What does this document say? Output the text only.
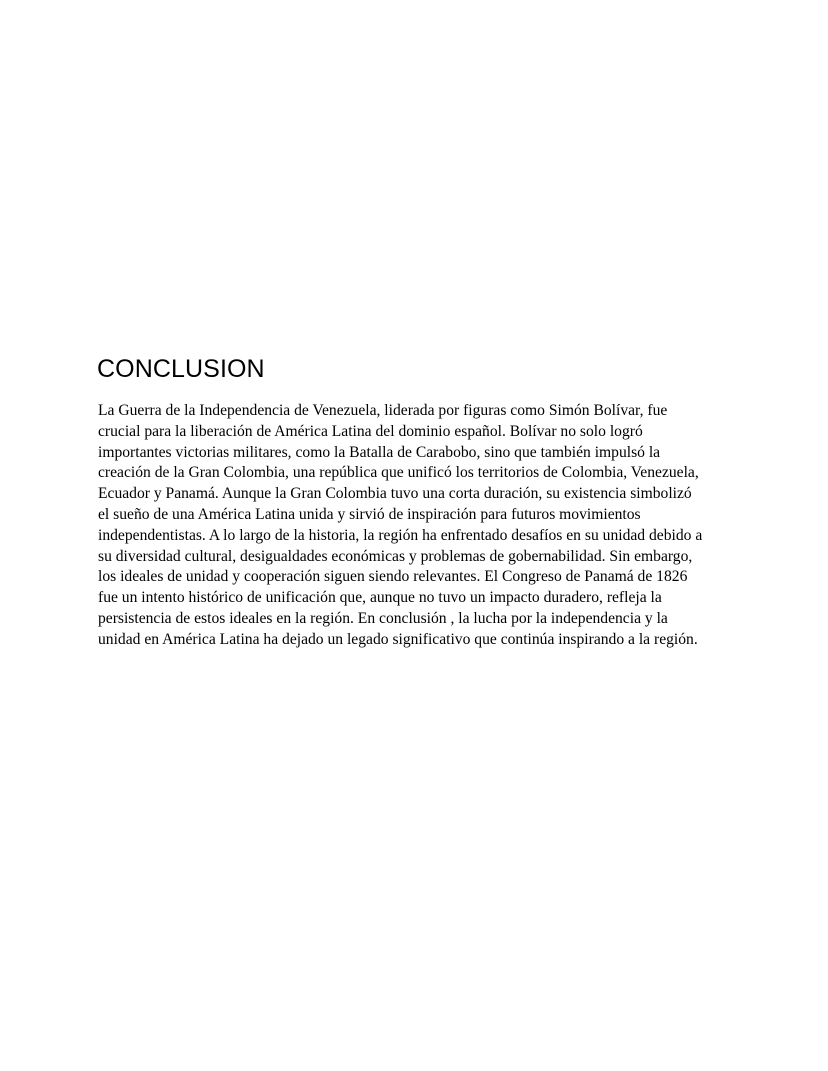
CONCLUSION
La Guerra de la Independencia de Venezuela, liderada por figuras como Simón Bolívar, fue
crucial para la liberación de América Latina del dominio español. Bolívar no solo logró
importantes victorias militares, como la Batalla de Carabobo, sino que también impulsó la
creación de la Gran Colombia, una república que unificó los territorios de Colombia, Venezuela,
Ecuador y Panamá. Aunque la Gran Colombia tuvo una corta duración, su existencia simbolizó
el sueño de una América Latina unida y sirvió de inspiración para futuros movimientos
independentistas. A lo largo de la historia, la región ha enfrentado desafíos en su unidad debido a
su diversidad cultural, desigualdades económicas y problemas de gobernabilidad. Sin embargo,
los ideales de unidad y cooperación siguen siendo relevantes. El Congreso de Panamá de 1826
fue un intento histórico de unificación que, aunque no tuvo un impacto duradero, refleja la
persistencia de estos ideales en la región. En conclusión , la lucha por la independencia y la
unidad en América Latina ha dejado un legado significativo que continúa inspirando a la región.
